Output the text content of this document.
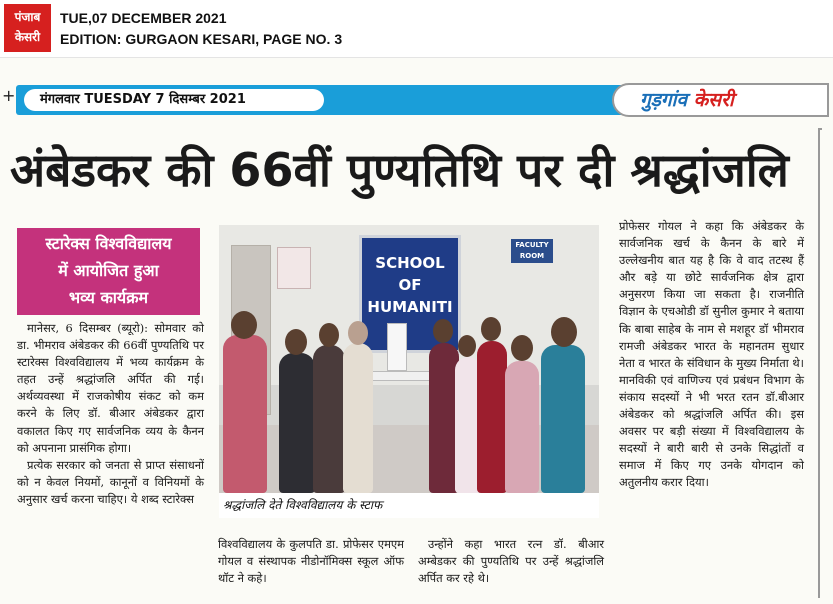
पंजाब
केसरी
TUE,07 DECEMBER 2021
EDITION: GURGAON KESARI, PAGE NO. 3
+	मंगलवार TUESDAY 7 दिसम्बर 2021	गुड़गांव केसरी
अंबेडकर की 66वीं पुण्यतिथि पर दी श्रद्धांजलि
स्टारेक्स विश्वविद्यालय
में आयोजित हुआ
भव्य कार्यक्रम

मानेसर, 6 दिसम्बर (ब्यूरो): सोमवार को डा. भीमराव अंबेडकर की 66वीं पुण्यतिथि पर स्टारेक्स विश्वविद्यालय में भव्य कार्यक्रम के तहत उन्हें श्रद्धांजलि अर्पित की गई। अर्थव्यवस्था में राजकोषीय संकट को कम करने के लिए डॉ. बीआर अंबेडकर द्वारा वकालत किए गए सार्वजनिक व्यय के कैनन को अपनाना प्रासंगिक होगा।

प्रत्येक सरकार को जनता से प्राप्त संसाधनों को न केवल नियमों, कानूनों व विनियमों के अनुसार खर्च करना चाहिए। ये शब्द स्टारेक्स

SCHOOL
OF
HUMANITI
FACULTY ROOM
श्रद्धांजलि देते विश्वविद्यालय के स्टाफ

विश्वविद्यालय के कुलपति डा. प्रोफेसर एमएम गोयल व संस्थापक नीडोनॉमिक्स स्कूल ऑफ थॉट ने कहे।

उन्होंने कहा भारत रत्न डॉ. बीआर अम्बेडकर की पुण्यतिथि पर उन्हें श्रद्धांजलि अर्पित कर रहे थे।

प्रोफेसर गोयल ने कहा कि अंबेडकर के सार्वजनिक खर्च के कैनन के बारे में उल्लेखनीय बात यह है कि वे वाद तटस्थ हैं और बड़े या छोटे सार्वजनिक क्षेत्र द्वारा अनुसरण किया जा सकता है। राजनीति विज्ञान के एचओडी डॉ सुनील कुमार ने बताया कि बाबा साहेब के नाम से मशहूर डॉ भीमराव रामजी अंबेडकर भारत के महानतम सुधार नेता व भारत के संविधान के मुख्य निर्माता थे। मानविकी एवं वाणिज्य एवं प्रबंधन विभाग के संकाय सदस्यों ने भी भरत रतन डॉ.बीआर अंबेडकर को श्रद्धांजलि अर्पित की। इस अवसर पर बड़ी संख्या में विश्वविद्यालय के सदस्यों ने बारी बारी से उनके सिद्धांतों व समाज में किए गए उनके योगदान को अतुलनीय करार दिया।
